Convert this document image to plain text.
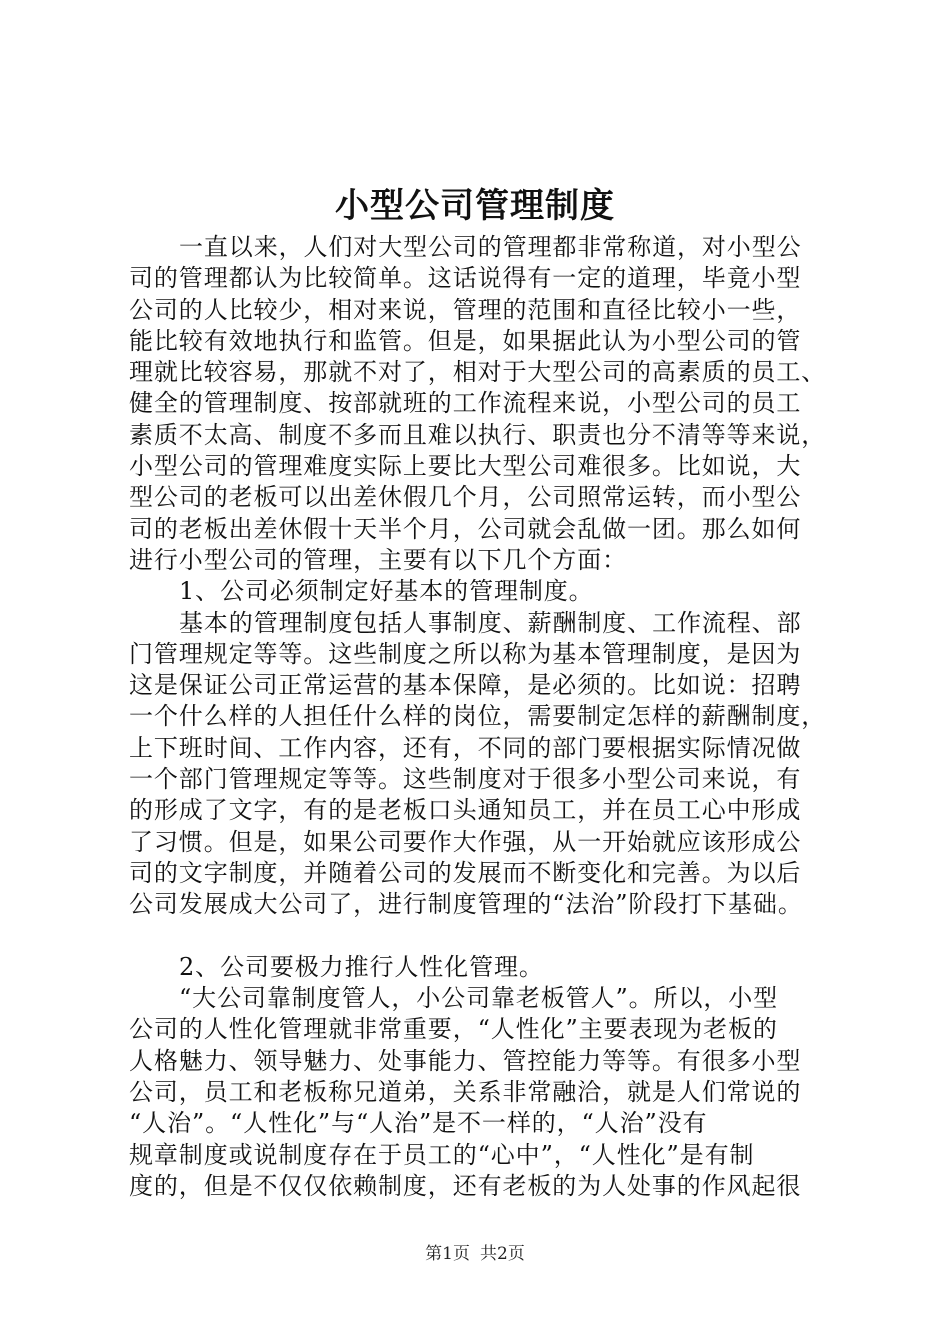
小型公司管理制度
一直以来，人们对大型公司的管理都非常称道，对小型公
司的管理都认为比较简单。这话说得有一定的道理，毕竟小型
公司的人比较少，相对来说，管理的范围和直径比较小一些，
能比较有效地执行和监管。但是，如果据此认为小型公司的管
理就比较容易，那就不对了，相对于大型公司的高素质的员工、
健全的管理制度、按部就班的工作流程来说，小型公司的员工
素质不太高、制度不多而且难以执行、职责也分不清等等来说，
小型公司的管理难度实际上要比大型公司难很多。比如说，大
型公司的老板可以出差休假几个月，公司照常运转，而小型公
司的老板出差休假十天半个月，公司就会乱做一团。那么如何
进行小型公司的管理，主要有以下几个方面：
1、公司必须制定好基本的管理制度。
基本的管理制度包括人事制度、薪酬制度、工作流程、部
门管理规定等等。这些制度之所以称为基本管理制度，是因为
这是保证公司正常运营的基本保障，是必须的。比如说：招聘
一个什么样的人担任什么样的岗位，需要制定怎样的薪酬制度，
上下班时间、工作内容，还有，不同的部门要根据实际情况做
一个部门管理规定等等。这些制度对于很多小型公司来说，有
的形成了文字，有的是老板口头通知员工，并在员工心中形成
了习惯。但是，如果公司要作大作强，从一开始就应该形成公
司的文字制度，并随着公司的发展而不断变化和完善。为以后
公司发展成大公司了，进行制度管理的“法治”阶段打下基础。
2、公司要极力推行人性化管理。
“大公司靠制度管人，小公司靠老板管人”。所以，小型
公司的人性化管理就非常重要，“人性化”主要表现为老板的
人格魅力、领导魅力、处事能力、管控能力等等。有很多小型
公司，员工和老板称兄道弟，关系非常融洽，就是人们常说的
“人治”。“人性化”与“人治”是不一样的，“人治”没有
规章制度或说制度存在于员工的“心中”，“人性化”是有制
度的，但是不仅仅依赖制度，还有老板的为人处事的作风起很
第1页 共2页
